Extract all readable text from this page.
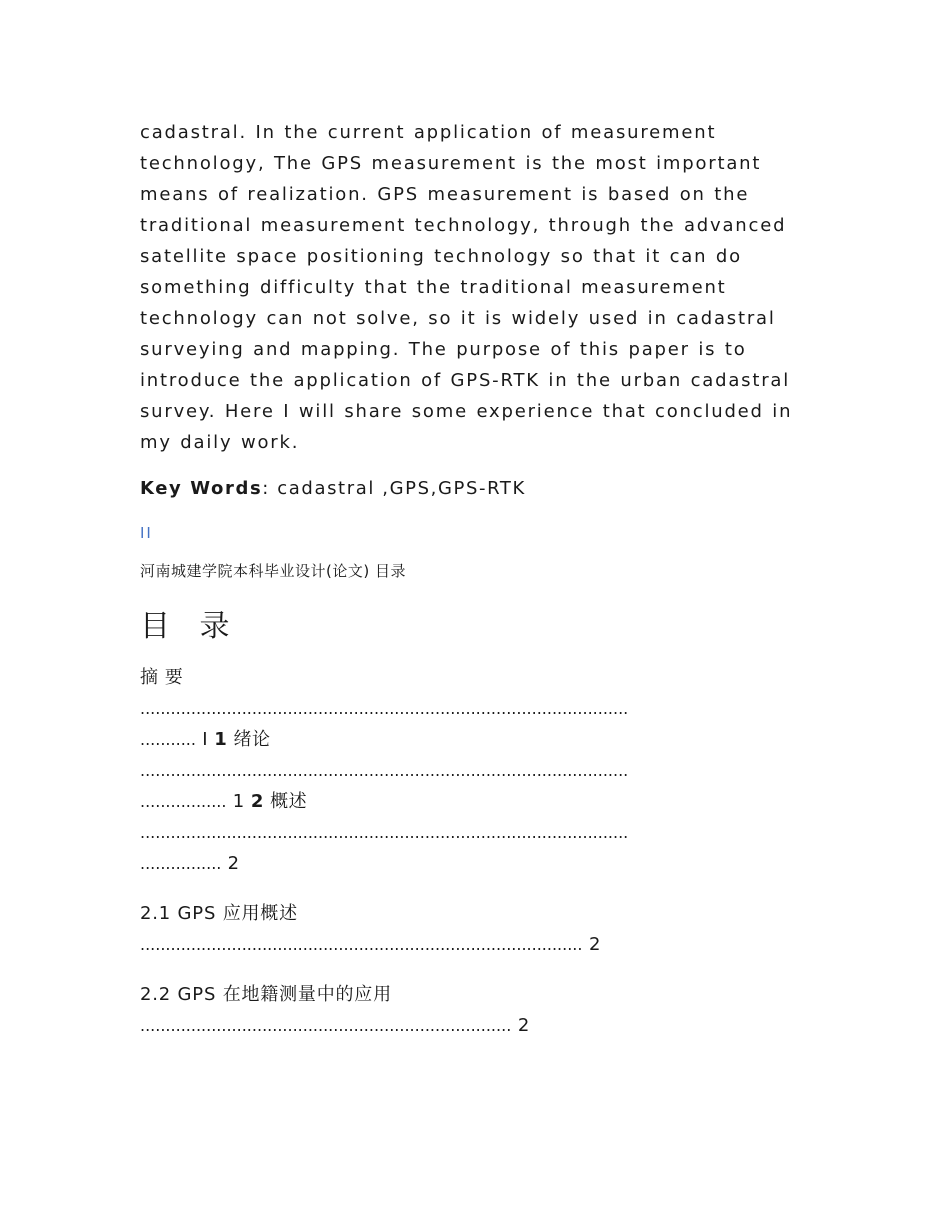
cadastral. In the current application of measurement technology, The GPS measurement is the most important means of realization. GPS measurement is based on the traditional measurement technology, through the advanced satellite space positioning technology so that it can do something difficulty that the traditional measurement technology can not solve, so it is widely used in cadastral surveying and mapping. The purpose of this paper is to introduce the application of GPS-RTK in the urban cadastral survey. Here I will share some experience that concluded in my daily work.

Key Words: cadastral ,GPS,GPS-RTK
II
河南城建学院本科毕业设计(论文) 目录
目 录
摘 要
................................................................................................
........... I 1 绪论
................................................................................................
................. 1 2 概述
................................................................................................
................ 2
2.1 GPS 应用概述
....................................................................................... 2
2.2 GPS 在地籍测量中的应用
......................................................................... 2
